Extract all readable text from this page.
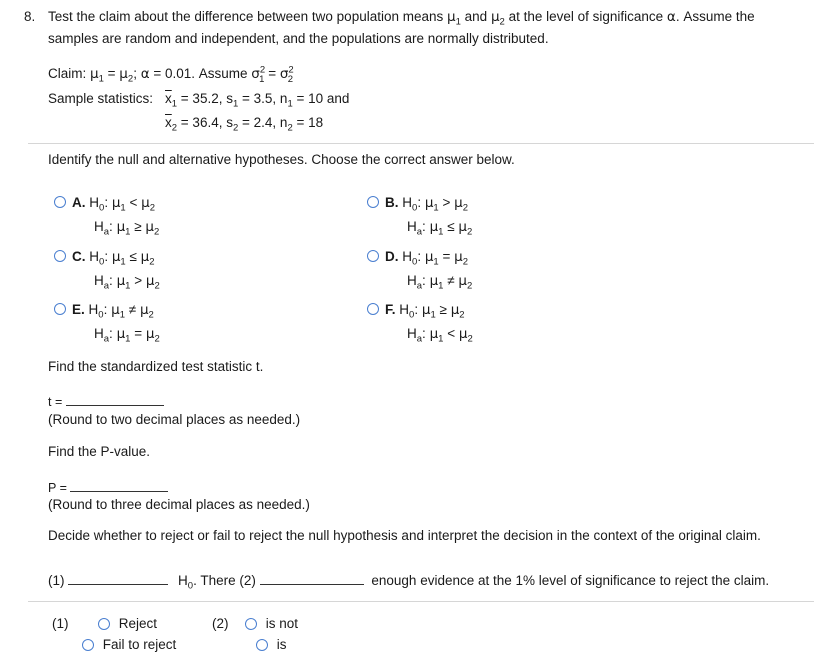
8. Test the claim about the difference between two population means $\mu_1$ and $\mu_2$ at the level of significance α. Assume the
samples are random and independent, and the populations are normally distributed.
Claim: $\mu_1 = \mu_2$; α = 0.01. Assume $\sigma^2_1 = \sigma^2_2$
Sample statistics: $\overline{x}_1 = 35.2$, $s_1 = 3.5$, $n_1 = 10$ and
$\overline{x}_2 = 36.4$, $s_2 = 2.4$, $n_2 = 18$
Identify the null and alternative hypotheses. Choose the correct answer below.
A. $H_0$: $\mu_1 < \mu_2$
$H_a$: $\mu_1 \ge \mu_2$
B. $H_0$: $\mu_1 > \mu_2$
$H_a$: $\mu_1 \le \mu_2$
C. $H_0$: $\mu_1 \le \mu_2$
$H_a$: $\mu_1 > \mu_2$
D. $H_0$: $\mu_1 = \mu_2$
$H_a$: $\mu_1 \ne \mu_2$
E. $H_0$: $\mu_1 \ne \mu_2$
$H_a$: $\mu_1 = \mu_2$
F. $H_0$: $\mu_1 \ge \mu_2$
$H_a$: $\mu_1 < \mu_2$
Find the standardized test statistic t.
t =
(Round to two decimal places as needed.)
Find the P-value.
P =
(Round to three decimal places as needed.)
Decide whether to reject or fail to reject the null hypothesis and interpret the decision in the context of the original claim.
(1)	$H_0$. There (2)	enough evidence at the 1% level of significance to reject the claim.
(1)	Reject
Fail to reject
(2)	is not
is
